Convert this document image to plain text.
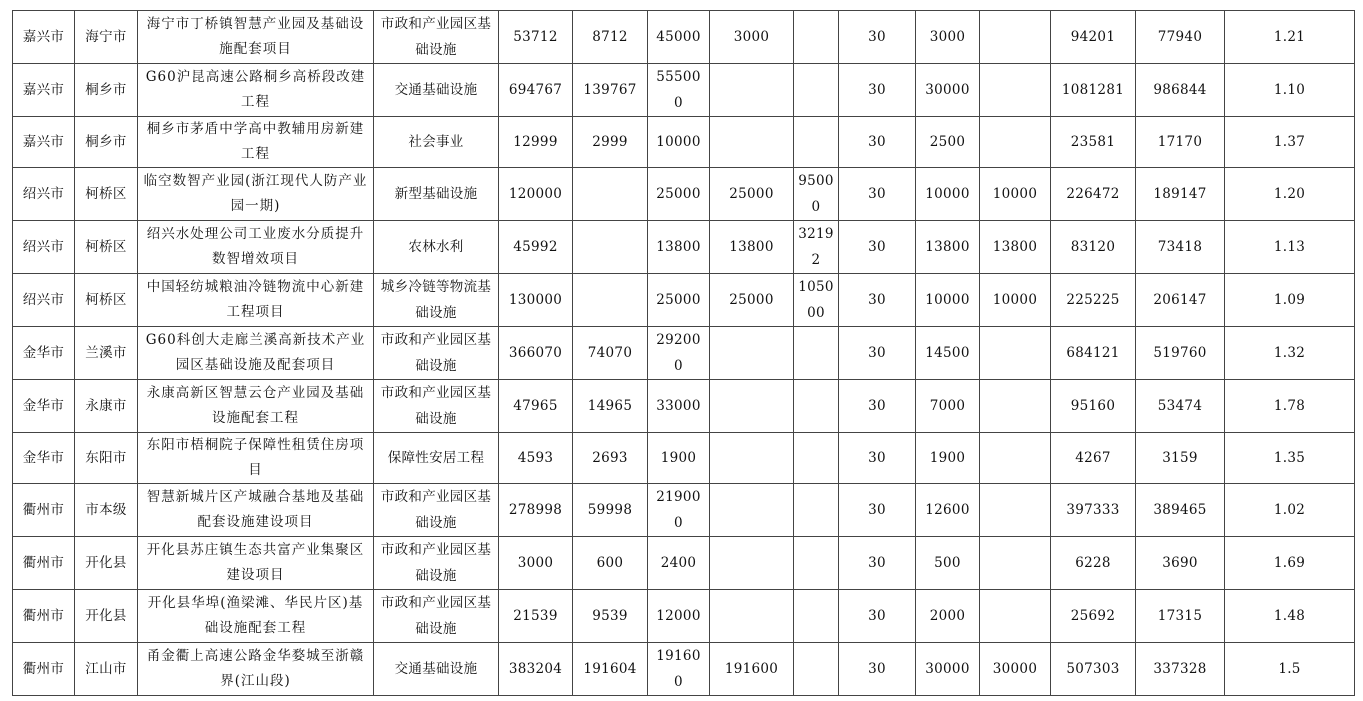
嘉兴市	海宁市	海宁市丁桥镇智慧产业园及基础设施配套项目	市政和产业园区基础设施	53712	8712	45000	3000		30	3000		94201	77940	1.21
嘉兴市	桐乡市	G60沪昆高速公路桐乡高桥段改建工程	交通基础设施	694767	139767	555000			30	30000		1081281	986844	1.10
嘉兴市	桐乡市	桐乡市茅盾中学高中教辅用房新建工程	社会事业	12999	2999	10000			30	2500		23581	17170	1.37
绍兴市	柯桥区	临空数智产业园(浙江现代人防产业园一期)	新型基础设施	120000		25000	25000	95000	30	10000	10000	226472	189147	1.20
绍兴市	柯桥区	绍兴水处理公司工业废水分质提升数智增效项目	农林水利	45992		13800	13800	32192	30	13800	13800	83120	73418	1.13
绍兴市	柯桥区	中国轻纺城粮油冷链物流中心新建工程项目	城乡冷链等物流基础设施	130000		25000	25000	105000	30	10000	10000	225225	206147	1.09
金华市	兰溪市	G60科创大走廊兰溪高新技术产业园区基础设施及配套项目	市政和产业园区基础设施	366070	74070	292000			30	14500		684121	519760	1.32
金华市	永康市	永康高新区智慧云仓产业园及基础设施配套工程	市政和产业园区基础设施	47965	14965	33000			30	7000		95160	53474	1.78
金华市	东阳市	东阳市梧桐院子保障性租赁住房项目	保障性安居工程	4593	2693	1900			30	1900		4267	3159	1.35
衢州市	市本级	智慧新城片区产城融合基地及基础配套设施建设项目	市政和产业园区基础设施	278998	59998	219000			30	12600		397333	389465	1.02
衢州市	开化县	开化县苏庄镇生态共富产业集聚区建设项目	市政和产业园区基础设施	3000	600	2400			30	500		6228	3690	1.69
衢州市	开化县	开化县华埠(渔梁滩、华民片区)基础设施配套工程	市政和产业园区基础设施	21539	9539	12000			30	2000		25692	17315	1.48
衢州市	江山市	甬金衢上高速公路金华婺城至浙赣界(江山段)	交通基础设施	383204	191604	191600	191600		30	30000	30000	507303	337328	1.5
